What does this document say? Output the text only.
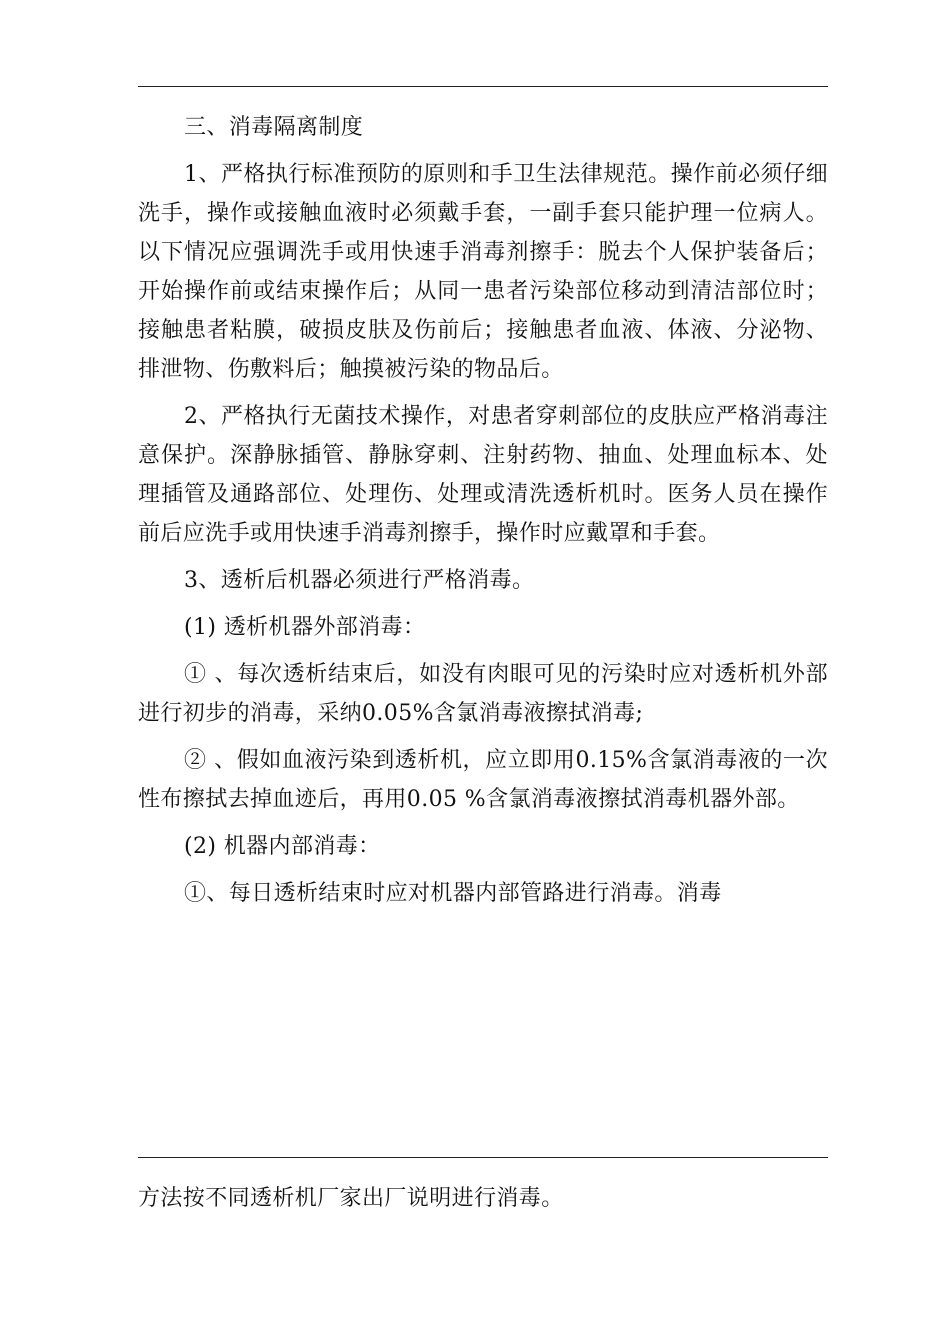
三、消毒隔离制度

1、严格执行标准预防的原则和手卫生法律规范。操作前必须仔细洗手，操作或接触血液时必须戴手套，一副手套只能护理一位病人。以下情况应强调洗手或用快速手消毒剂擦手：脱去个人保护装备后；开始操作前或结束操作后；从同一患者污染部位移动到清洁部位时；接触患者粘膜，破损皮肤及伤前后；接触患者血液、体液、分泌物、排泄物、伤敷料后；触摸被污染的物品后。

2、严格执行无菌技术操作，对患者穿刺部位的皮肤应严格消毒注意保护。深静脉插管、静脉穿刺、注射药物、抽血、处理血标本、处理插管及通路部位、处理伤、处理或清洗透析机时。医务人员在操作前后应洗手或用快速手消毒剂擦手，操作时应戴罩和手套。

3、透析后机器必须进行严格消毒。

(1) 透析机器外部消毒：

① 、每次透析结束后，如没有肉眼可见的污染时应对透析机外部进行初步的消毒，采纳0.05%含氯消毒液擦拭消毒;

② 、假如血液污染到透析机，应立即用0.15%含氯消毒液的一次性布擦拭去掉血迹后，再用0.05 %含氯消毒液擦拭消毒机器外部。

(2) 机器内部消毒：

①、每日透析结束时应对机器内部管路进行消毒。消毒

方法按不同透析机厂家出厂说明进行消毒。
